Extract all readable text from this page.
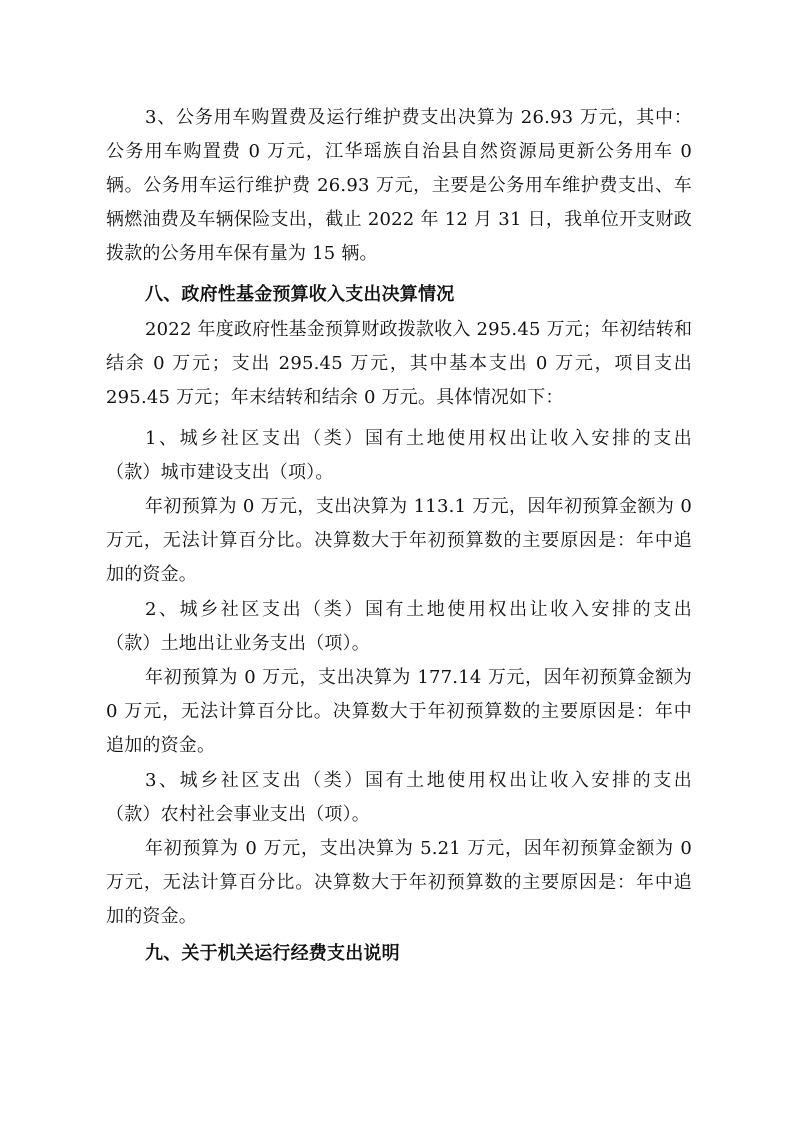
3、公务用车购置费及运行维护费支出决算为 26.93 万元，其中：
公务用车购置费 0 万元，江华瑶族自治县自然资源局更新公务用车 0
辆。公务用车运行维护费 26.93 万元，主要是公务用车维护费支出、车
辆燃油费及车辆保险支出，截止 2022 年 12 月 31 日，我单位开支财政
拨款的公务用车保有量为 15 辆。
八、政府性基金预算收入支出决算情况
2022 年度政府性基金预算财政拨款收入 295.45 万元；年初结转和
结余 0 万元；支出 295.45 万元，其中基本支出 0 万元，项目支出
295.45 万元；年末结转和结余 0 万元。具体情况如下：
1、城乡社区支出（类）国有土地使用权出让收入安排的支出
（款）城市建设支出（项）。
年初预算为 0 万元，支出决算为 113.1 万元，因年初预算金额为 0
万元，无法计算百分比。决算数大于年初预算数的主要原因是：年中追
加的资金。
2、城乡社区支出（类）国有土地使用权出让收入安排的支出
（款）土地出让业务支出（项）。
年初预算为 0 万元，支出决算为 177.14 万元，因年初预算金额为
0 万元，无法计算百分比。决算数大于年初预算数的主要原因是：年中
追加的资金。
3、城乡社区支出（类）国有土地使用权出让收入安排的支出
（款）农村社会事业支出（项）。
年初预算为 0 万元，支出决算为 5.21 万元，因年初预算金额为 0
万元，无法计算百分比。决算数大于年初预算数的主要原因是：年中追
加的资金。
九、关于机关运行经费支出说明
